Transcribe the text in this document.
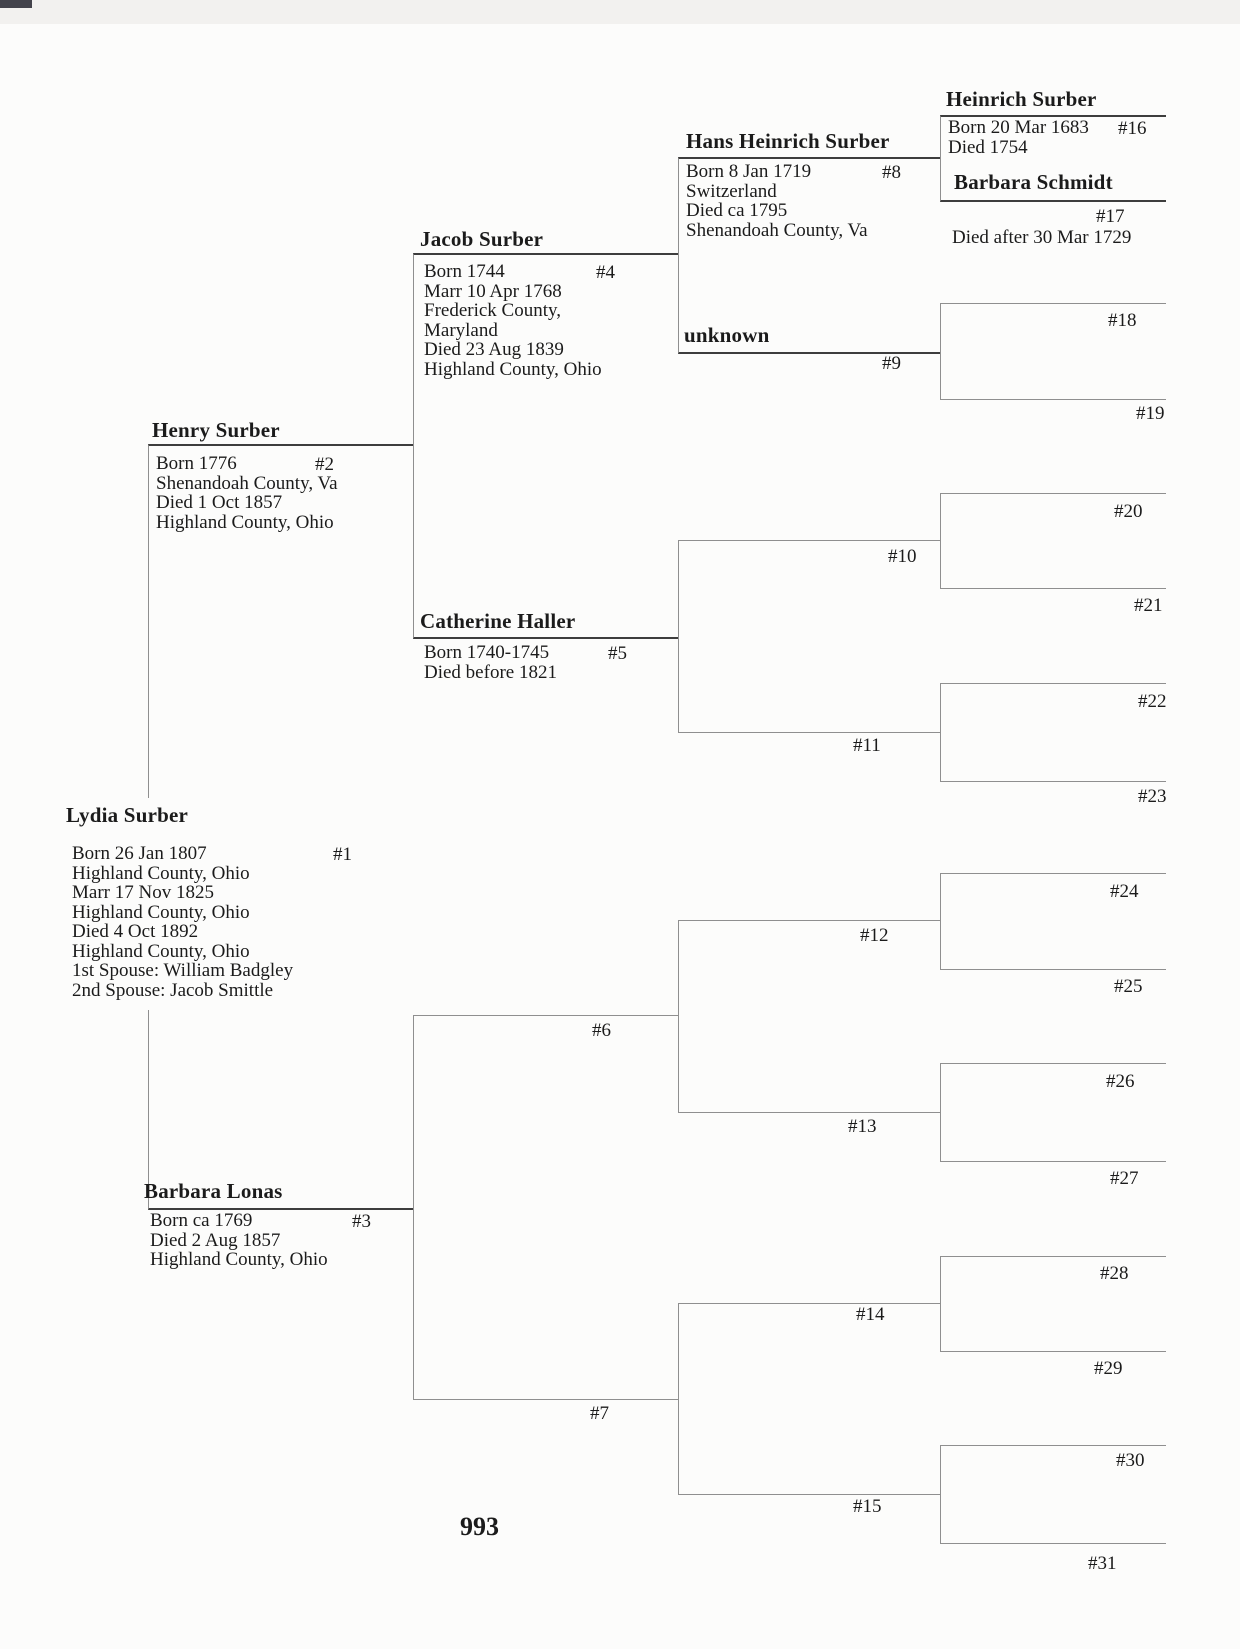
Lydia Surber
Born 26 Jan 1807
Highland County, Ohio
Marr 17 Nov 1825
Highland County, Ohio
Died 4 Oct 1892
Highland County, Ohio
1st Spouse: William Badgley
2nd Spouse: Jacob Smittle
#1
Henry Surber
Born 1776
Shenandoah County, Va
Died 1 Oct 1857
Highland County, Ohio
#2
Barbara Lonas
Born ca 1769
Died 2 Aug 1857
Highland County, Ohio
#3
Jacob Surber
Born 1744
Marr 10 Apr 1768
Frederick County,
Maryland
Died 23 Aug 1839
Highland County, Ohio
#4
Catherine Haller
Born 1740-1745
Died before 1821
#5
#6
#7
Hans Heinrich Surber
Born 8 Jan 1719
Switzerland
Died ca 1795
Shenandoah County, Va
#8
unknown
#9
#10
#11
#12
#13
#14
#15
Heinrich Surber
Born 20 Mar 1683
Died 1754
#16
Barbara Schmidt
#17
Died after 30 Mar 1729
#18
#19
#20
#21
#22
#23
#24
#25
#26
#27
#28
#29
#30
#31
993
